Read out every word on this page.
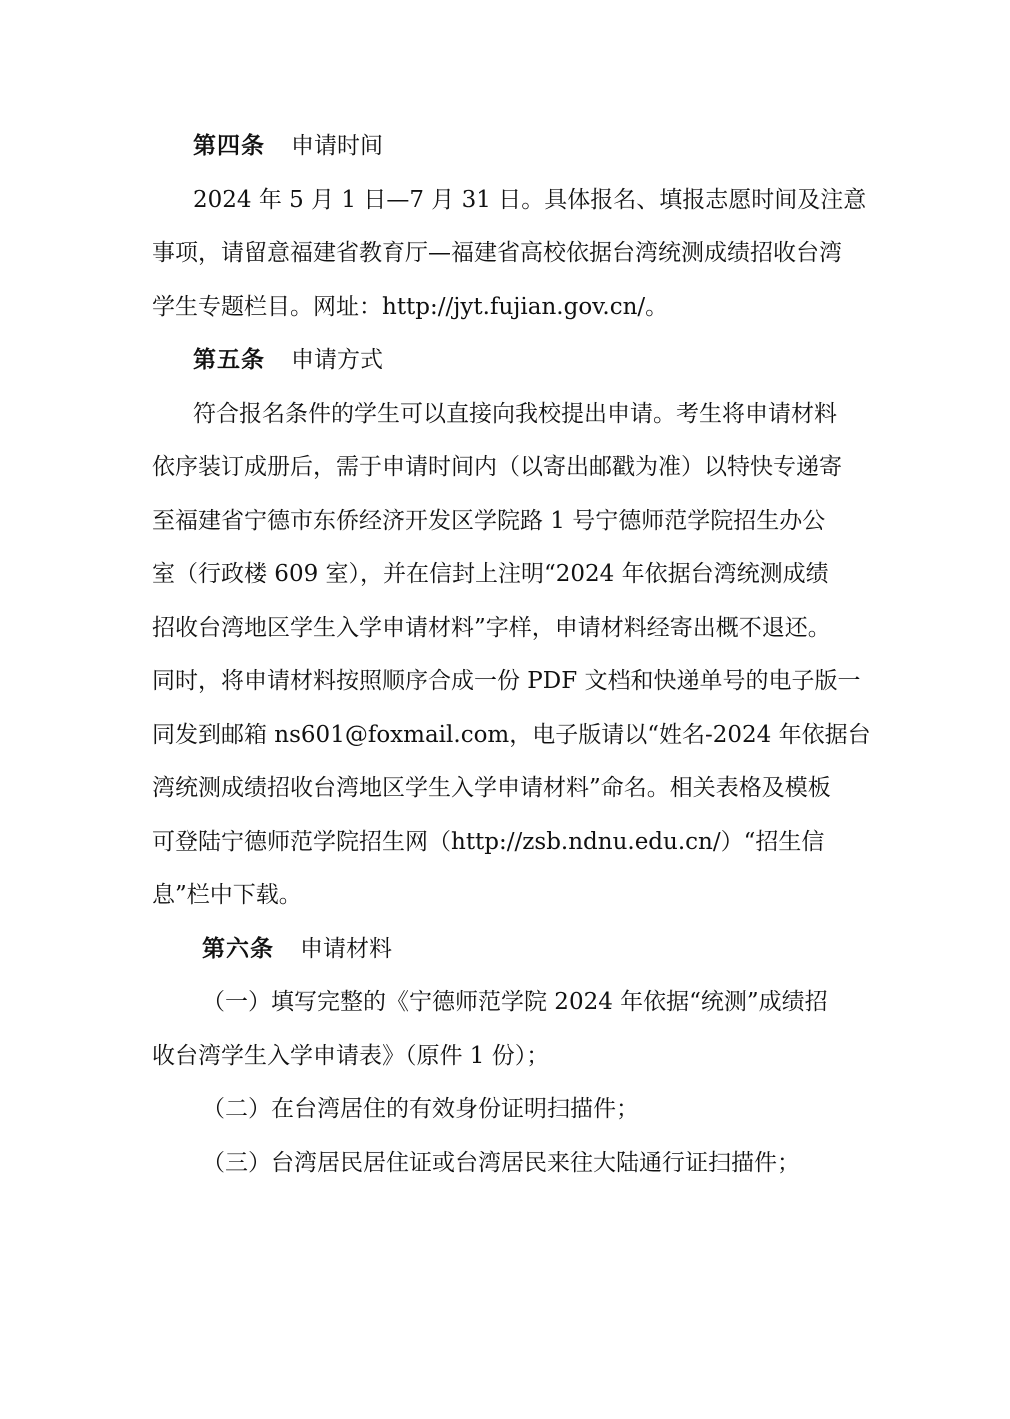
第四条 申请时间
2024 年 5 月 1 日—7 月 31 日。具体报名、填报志愿时间及注意
事项，请留意福建省教育厅—福建省高校依据台湾统测成绩招收台湾
学生专题栏目。网址：http://jyt.fujian.gov.cn/。
第五条 申请方式
符合报名条件的学生可以直接向我校提出申请。考生将申请材料
依序装订成册后，需于申请时间内（以寄出邮戳为准）以特快专递寄
至福建省宁德市东侨经济开发区学院路 1 号宁德师范学院招生办公
室（行政楼 609 室），并在信封上注明“2024 年依据台湾统测成绩
招收台湾地区学生入学申请材料”字样，申请材料经寄出概不退还。
同时，将申请材料按照顺序合成一份 PDF 文档和快递单号的电子版一
同发到邮箱 ns601@foxmail.com，电子版请以“姓名-2024 年依据台
湾统测成绩招收台湾地区学生入学申请材料”命名。相关表格及模板
可登陆宁德师范学院招生网（http://zsb.ndnu.edu.cn/）“招生信
息”栏中下载。
第六条 申请材料
（一）填写完整的《宁德师范学院 2024 年依据“统测”成绩招
收台湾学生入学申请表》（原件 1 份）；
（二）在台湾居住的有效身份证明扫描件；
（三）台湾居民居住证或台湾居民来往大陆通行证扫描件；
